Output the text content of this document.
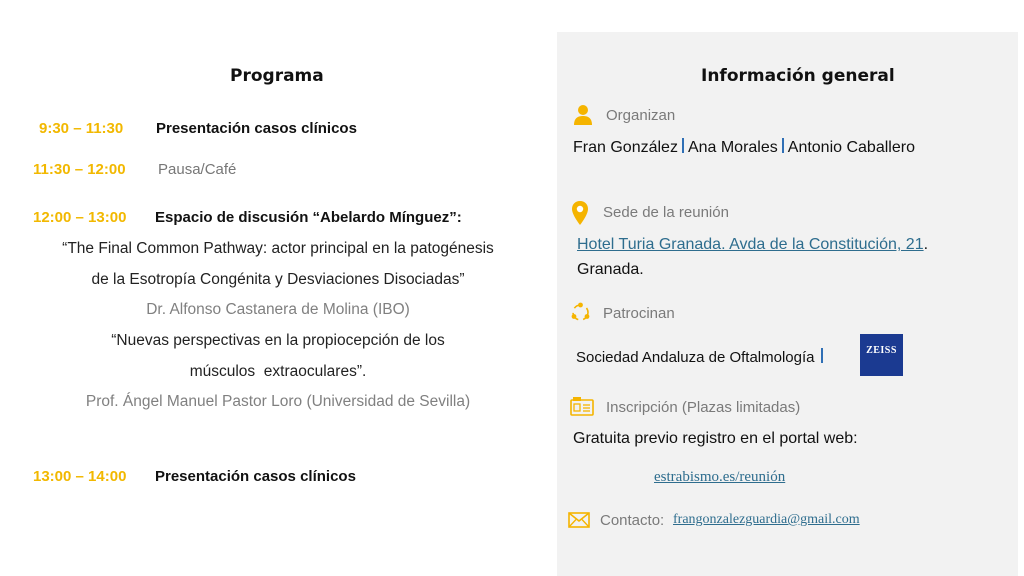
Programa
9:30 – 11:30 Presentación casos clínicos
11:30 – 12:00 Pausa/Café
12:00 – 13:00 Espacio de discusión “Abelardo Mínguez”:
“The Final Common Pathway: actor principal en la patogénesis
de la Esotropía Congénita y Desviaciones Disociadas”
Dr. Alfonso Castanera de Molina (IBO)
“Nuevas perspectivas en la propiocepción de los
músculos  extraoculares”.
Prof. Ángel Manuel Pastor Loro (Universidad de Sevilla)
13:00 – 14:00 Presentación casos clínicos
Información general
Organizan
Fran González Ana Morales Antonio Caballero
Sede de la reunión
Hotel Turia Granada. Avda de la Constitución, 21.
Granada.
Patrocinan
Sociedad Andaluza de Oftalmología	ZEISS
Inscripción (Plazas limitadas)
Gratuita previo registro en el portal web:
estrabismo.es/reunión
Contacto: frangonzalezguardia@gmail.com
